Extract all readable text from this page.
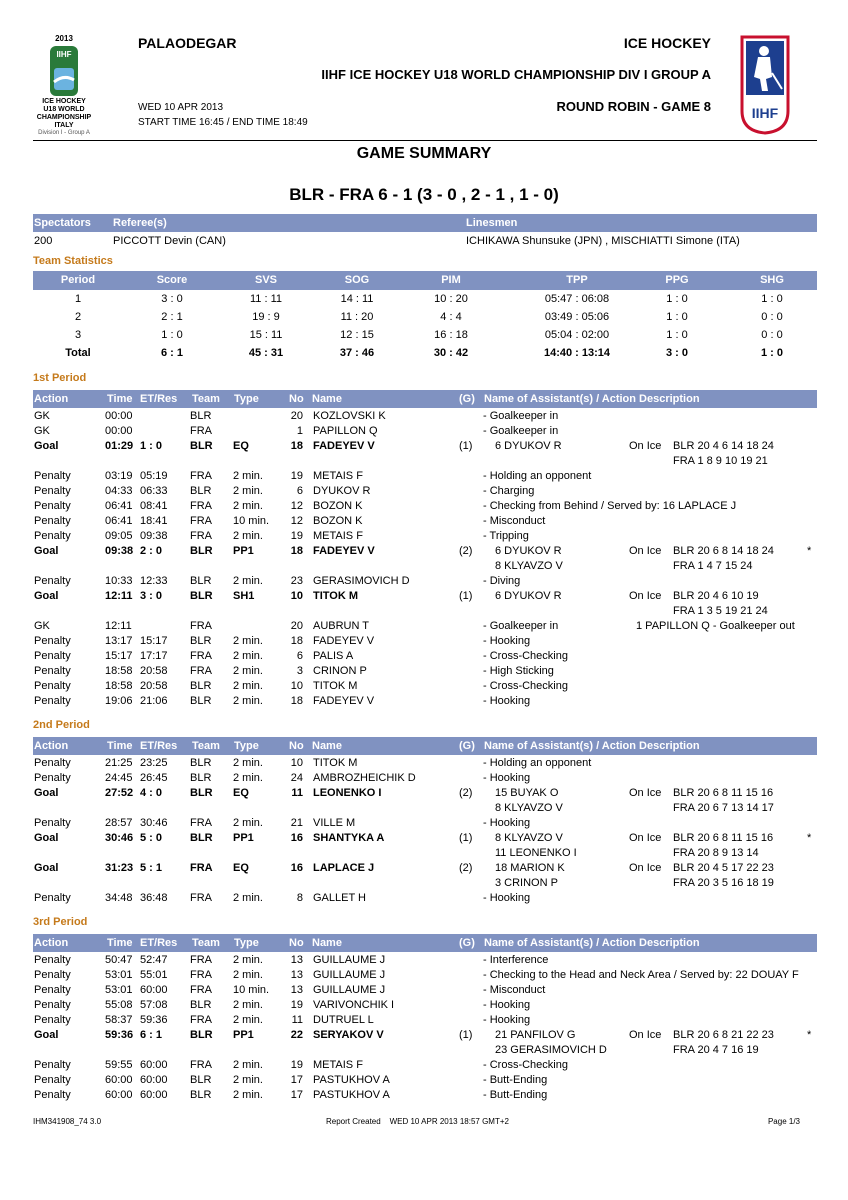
2013
IIHF
ICE HOCKEY
U18 WORLD
CHAMPIONSHIP
ITALY
Division I - Group A
PALAODEGAR	ICE HOCKEY
IIHF ICE HOCKEY U18 WORLD CHAMPIONSHIP DIV I GROUP A
WED 10 APR 2013
START TIME 16:45 / END TIME 18:49
ROUND ROBIN - GAME 8	IIHF
GAME SUMMARY
BLR - FRA 6 - 1 (3 - 0 , 2 - 1 , 1 - 0)
Spectators Referee(s)	Linesmen
200	PICCOTT Devin (CAN)	ICHIKAWA Shunsuke (JPN) , MISCHIATTI Simone (ITA)
Team Statistics
Period	Score	SVS	SOG	PIM	TPP	PPG	SHG
1	3 : 0	11 : 11	14 : 11	10 : 20	05:47 : 06:08	1 : 0	1 : 0
2	2 : 1	19 : 9	11 : 20	4 : 4	03:49 : 05:06	1 : 0	0 : 0
3	1 : 0	15 : 11	12 : 15	16 : 18	05:04 : 02:00	1 : 0	0 : 0
Total	6 : 1	45 : 31	37 : 46	30 : 42	14:40 : 13:14	3 : 0	1 : 0
1st Period
Action	Time ET/Res Team Type	No Name	(G) Name of Assistant(s) / Action Description
GK	00:00	BLR	20 KOZLOVSKI K	- Goalkeeper in
GK	00:00	FRA	1 PAPILLON Q	- Goalkeeper in
Goal	01:29 1 : 0	BLR EQ	18 FADEYEV V	(1) 6 DYUKOV R	On Ice BLR 20 4 6 14 18 24
FRA 1 8 9 10 19 21
Penalty	03:19 05:19 FRA 2 min.	19 METAIS F	- Holding an opponent
Penalty	04:33 06:33 BLR 2 min.	6 DYUKOV R	- Charging
Penalty	06:41 08:41 FRA 2 min.	12 BOZON K	- Checking from Behind / Served by: 16 LAPLACE J
Penalty	06:41 18:41 FRA 10 min.	12 BOZON K	- Misconduct
Penalty	09:05 09:38 FRA 2 min.	19 METAIS F	- Tripping
Goal	09:38 2 : 0	BLR PP1	18 FADEYEV V	(2) 6 DYUKOV R	On Ice BLR 20 6 8 14 18 24	*
8 KLYAVZO V	FRA 1 4 7 15 24
Penalty	10:33 12:33 BLR 2 min.	23 GERASIMOVICH D	- Diving
Goal	12:11 3 : 0	BLR SH1	10 TITOK M	(1) 6 DYUKOV R	On Ice BLR 20 4 6 10 19
FRA 1 3 5 19 21 24
GK	12:11	FRA	20 AUBRUN T	- Goalkeeper in	1 PAPILLON Q - Goalkeeper out
Penalty	13:17 15:17 BLR 2 min.	18 FADEYEV V	- Hooking
Penalty	15:17 17:17 FRA 2 min.	6 PALIS A	- Cross-Checking
Penalty	18:58 20:58 FRA 2 min.	3 CRINON P	- High Sticking
Penalty	18:58 20:58 BLR 2 min.	10 TITOK M	- Cross-Checking
Penalty	19:06 21:06 BLR 2 min.	18 FADEYEV V	- Hooking
2nd Period
Action	Time ET/Res Team Type	No Name	(G) Name of Assistant(s) / Action Description
Penalty	21:25 23:25 BLR 2 min.	10 TITOK M	- Holding an opponent
Penalty	24:45 26:45 BLR 2 min.	24 AMBROZHEICHIK D	- Hooking
Goal	27:52 4 : 0	BLR EQ	11 LEONENKO I	(2) 15 BUYAK O	On Ice BLR 20 6 8 11 15 16
8 KLYAVZO V	FRA 20 6 7 13 14 17
Penalty	28:57 30:46 FRA 2 min.	21 VILLE M	- Hooking
Goal	30:46 5 : 0	BLR PP1	16 SHANTYKA A	(1) 8 KLYAVZO V	On Ice BLR 20 6 8 11 15 16	*
11 LEONENKO I	FRA 20 8 9 13 14
Goal	31:23 5 : 1	FRA EQ	16 LAPLACE J	(2) 18 MARION K	On Ice BLR 20 4 5 17 22 23
3 CRINON P	FRA 20 3 5 16 18 19
Penalty	34:48 36:48 FRA 2 min.	8 GALLET H	- Hooking
3rd Period
Action	Time ET/Res Team Type	No Name	(G) Name of Assistant(s) / Action Description
Penalty	50:47 52:47 FRA 2 min.	13 GUILLAUME J	- Interference
Penalty	53:01 55:01 FRA 2 min.	13 GUILLAUME J	- Checking to the Head and Neck Area / Served by: 22 DOUAY F
Penalty	53:01 60:00 FRA 10 min.	13 GUILLAUME J	- Misconduct
Penalty	55:08 57:08 BLR 2 min.	19 VARIVONCHIK I	- Hooking
Penalty	58:37 59:36 FRA 2 min.	11 DUTRUEL L	- Hooking
Goal	59:36 6 : 1	BLR PP1	22 SERYAKOV V	(1) 21 PANFILOV G	On Ice BLR 20 6 8 21 22 23	*
23 GERASIMOVICH D	FRA 20 4 7 16 19
Penalty	59:55 60:00 FRA 2 min.	19 METAIS F	- Cross-Checking
Penalty	60:00 60:00 BLR 2 min.	17 PASTUKHOV A	- Butt-Ending
Penalty	60:00 60:00 BLR 2 min.	17 PASTUKHOV A	- Butt-Ending
IHM341908_74 3.0	Report Created    WED 10 APR 2013 18:57 GMT+2	Page 1/3
